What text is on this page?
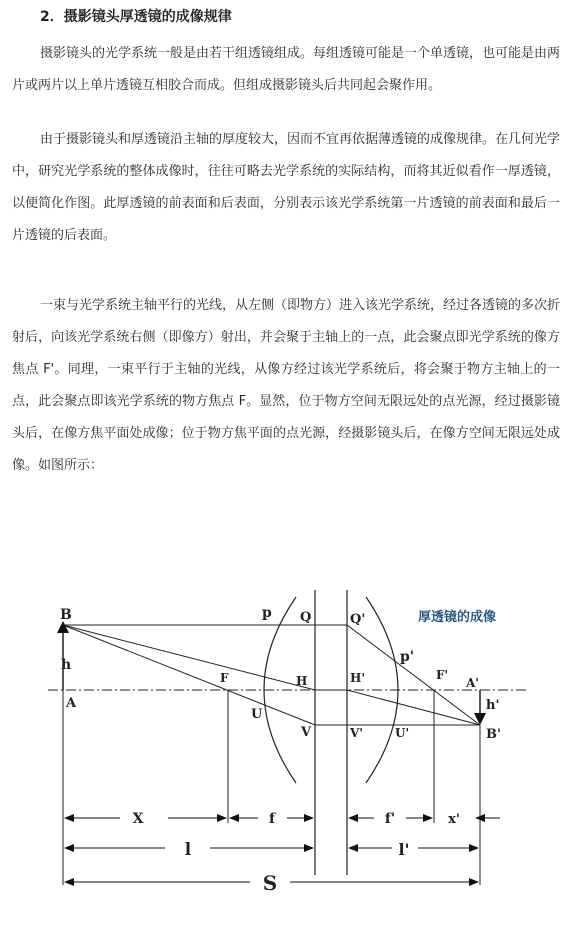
2．摄影镜头厚透镜的成像规律

摄影镜头的光学系统一般是由若干组透镜组成。每组透镜可能是一个单透镜，也可能是由两片或两片以上单片透镜互相胶合而成。但组成摄影镜头后共同起会聚作用。

由于摄影镜头和厚透镜沿主轴的厚度较大，因而不宜再依据薄透镜的成像规律。在几何光学中，研究光学系统的整体成像时，往往可略去光学系统的实际结构，而将其近似看作一厚透镜，以便简化作图。此厚透镜的前表面和后表面，分别表示该光学系统第一片透镜的前表面和最后一片透镜的后表面。

一束与光学系统主轴平行的光线，从左侧（即物方）进入该光学系统，经过各透镜的多次折射后，向该光学系统右侧（即像方）射出，并会聚于主轴上的一点，此会聚点即光学系统的像方焦点 F'。同理，一束平行于主轴的光线，从像方经过该光学系统后，将会聚于物方主轴上的一点，此会聚点即该光学系统的物方焦点 F。显然，位于物方空间无限远处的点光源，经过摄影镜头后，在像方焦平面处成像；位于物方焦平面的点光源，经摄影镜头后，在像方空间无限远处成像。如图所示：

B
h
A
F
U
V
p Q
H
Q'
p'
H'	F'
A'
h'
B'
V'	U'
厚透镜的成像
X	f	f'	x'
l	l'
S
